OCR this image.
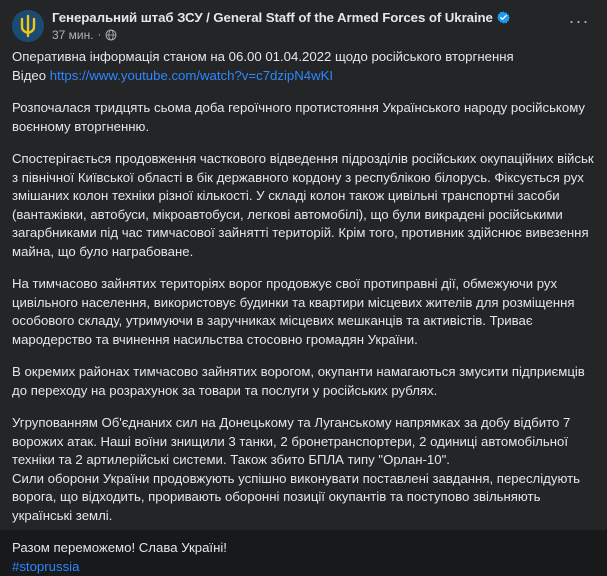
Генеральний штаб ЗСУ / General Staff of the Armed Forces of Ukraine
37 мин. ·
···

Оперативна інформація станом на 06.00 01.04.2022 щодо російського вторгнення
Відео https://www.youtube.com/watch?v=c7dzipN4wKI

Розпочалася тридцять сьома доба героїчного протистояння Українського народу російському воєнному вторгненню.

Спостерігається продовження часткового відведення підрозділів російських окупаційних військ з північної Київської області в бік державного кордону з республікою білорусь. Фіксується рух змішаних колон техніки різної кількості. У складі колон також цивільні транспортні засоби (вантажівки, автобуси, мікроавтобуси, легкові автомобілі), що були викрадені російськими загарбниками під час тимчасової зайнятті територій. Крім того, противник здійснює вивезення майна, що було награбоване.

На тимчасово зайнятих територіях ворог продовжує свої протиправні дії, обмежуючи рух цивільного населення, використовує будинки та квартири місцевих жителів для розміщення особового складу, утримуючи в заручниках місцевих мешканців та активістів. Триває мародерство та вчинення насильства стосовно громадян України.

В окремих районах тимчасово зайнятих ворогом, окупанти намагаються змусити підприємців до переходу на розрахунок за товари та послуги у російських рублях.

Угрупованням Об'єднаних сил на Донецькому та Луганському напрямках за добу відбито 7 ворожих атак. Наші воїни знищили 3 танки, 2 бронетранспортери, 2 одиниці автомобільної техніки та 2 артилерійські системи. Також збито БПЛА типу "Орлан-10".
Сили оборони України продовжують успішно виконувати поставлені завдання, переслідують ворога, що відходить, проривають оборонні позиції окупантів та поступово звільняють українські землі.

Разом переможемо! Слава Україні!
#stoprussia
